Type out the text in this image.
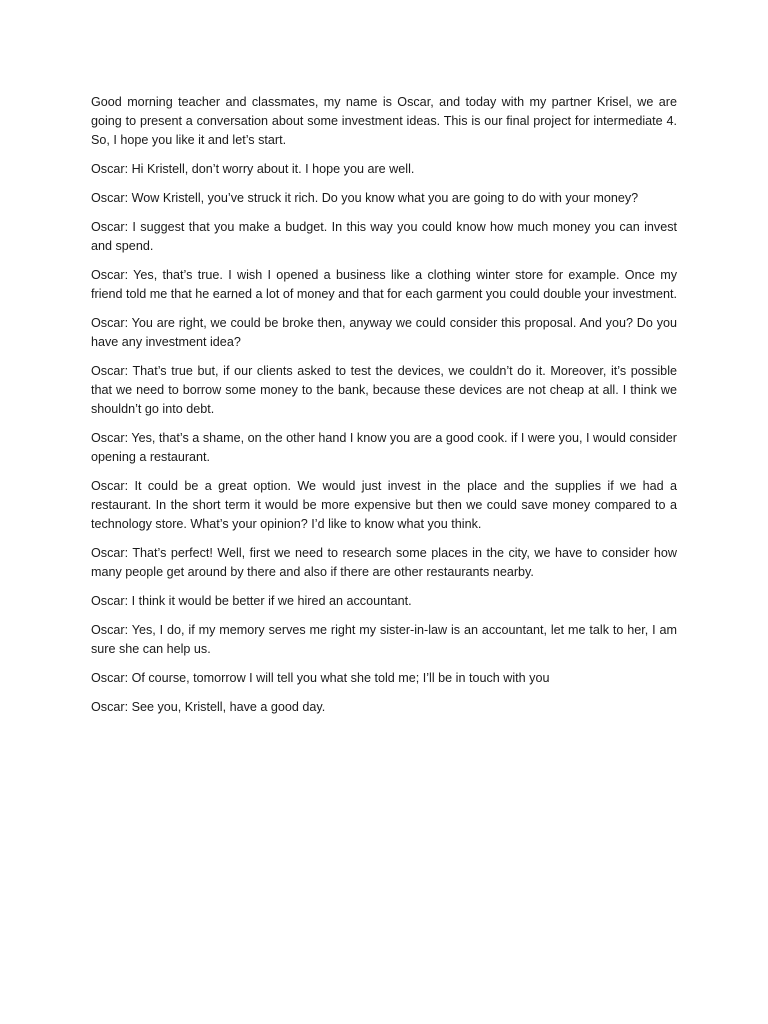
Good morning teacher and classmates, my name is Oscar, and today with my partner Krisel, we are going to present a conversation about some investment ideas. This is our final project for intermediate 4. So, I hope you like it and let’s start.

Oscar: Hi Kristell, don’t worry about it. I hope you are well.

Oscar: Wow Kristell, you’ve struck it rich. Do you know what you are going to do with your money?

Oscar: I suggest that you make a budget. In this way you could know how much money you can invest and spend.

Oscar: Yes, that’s true. I wish I opened a business like a clothing winter store for example. Once my friend told me that he earned a lot of money and that for each garment you could double your investment.

Oscar: You are right, we could be broke then, anyway we could consider this proposal. And you? Do you have any investment idea?

Oscar: That’s true but, if our clients asked to test the devices, we couldn’t do it. Moreover, it’s possible that we need to borrow some money to the bank, because these devices are not cheap at all. I think we shouldn’t go into debt.

Oscar: Yes, that’s a shame, on the other hand I know you are a good cook. if I were you, I would consider opening a restaurant.

Oscar: It could be a great option. We would just invest in the place and the supplies if we had a restaurant. In the short term it would be more expensive but then we could save money compared to a technology store. What’s your opinion? I’d like to know what you think.

Oscar: That’s perfect! Well, first we need to research some places in the city, we have to consider how many people get around by there and also if there are other restaurants nearby.

Oscar: I think it would be better if we hired an accountant.

Oscar: Yes, I do, if my memory serves me right my sister-in-law is an accountant, let me talk to her, I am sure she can help us.

Oscar: Of course, tomorrow I will tell you what she told me; I’ll be in touch with you

Oscar: See you, Kristell, have a good day.
